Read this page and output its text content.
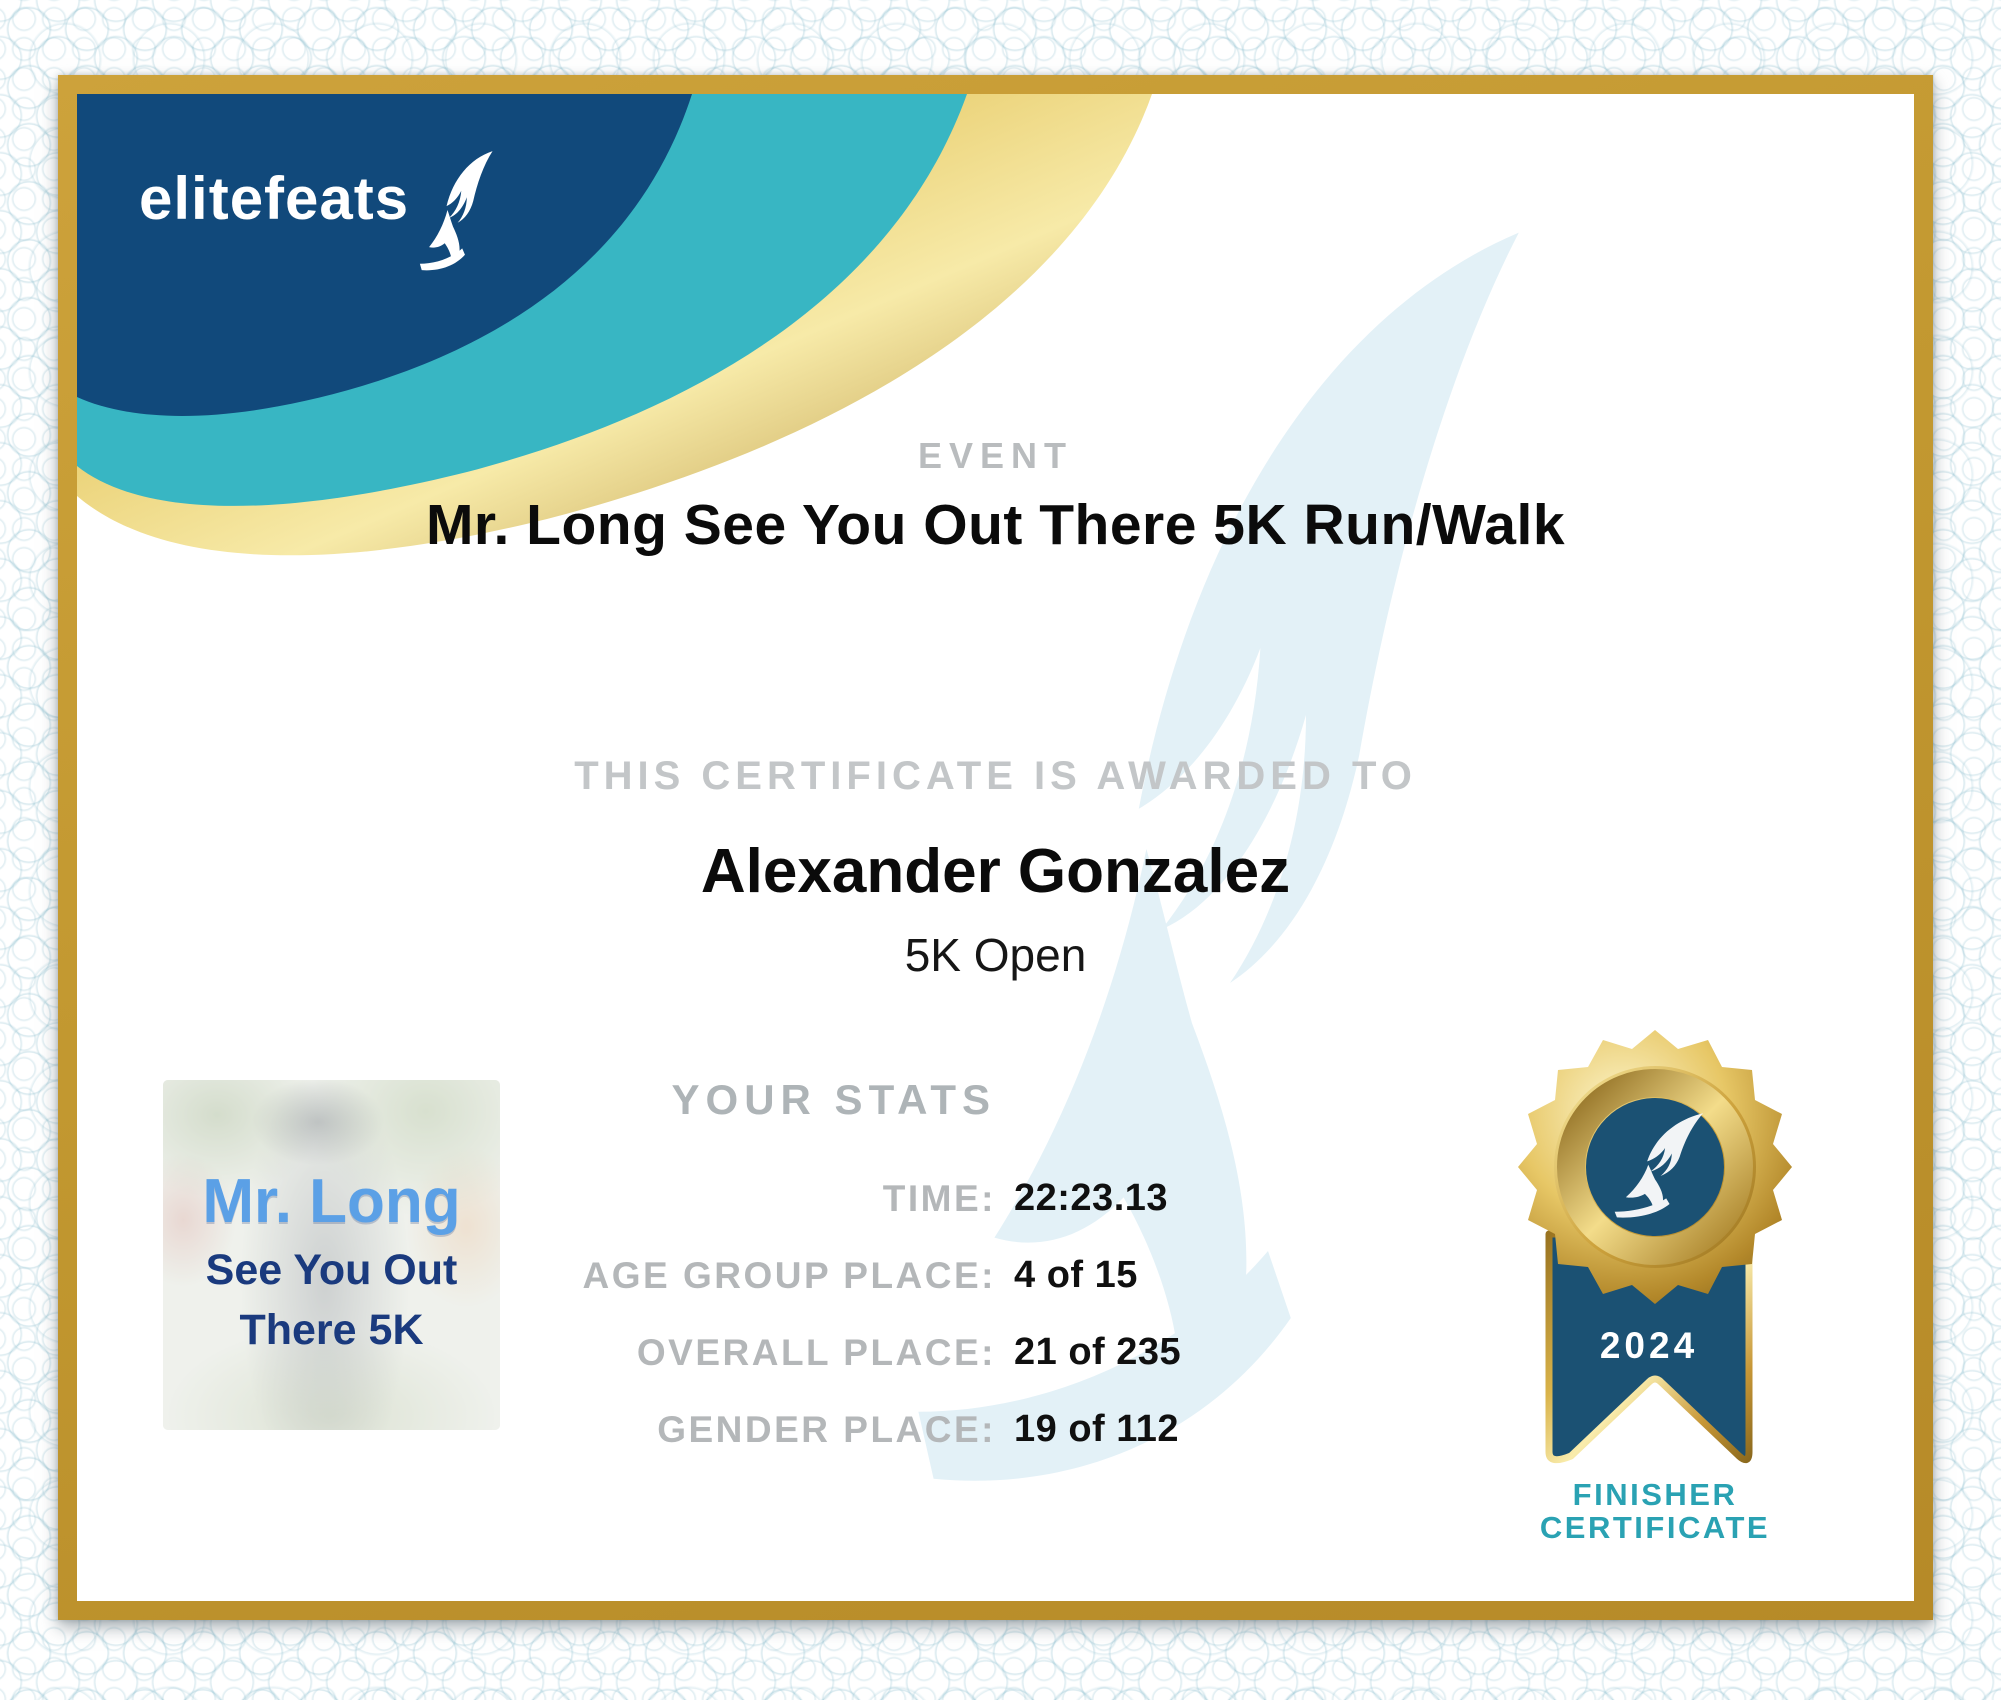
elitefeats
EVENT
Mr. Long See You Out There 5K Run/Walk
THIS CERTIFICATE IS AWARDED TO
Alexander Gonzalez
5K Open
YOUR STATS
TIME: 22:23.13
AGE GROUP PLACE: 4 of 15
OVERALL PLACE: 21 of 235
GENDER PLACE: 19 of 112
Mr. Long
See You Out
There 5K	2024
FINISHER
CERTIFICATE
